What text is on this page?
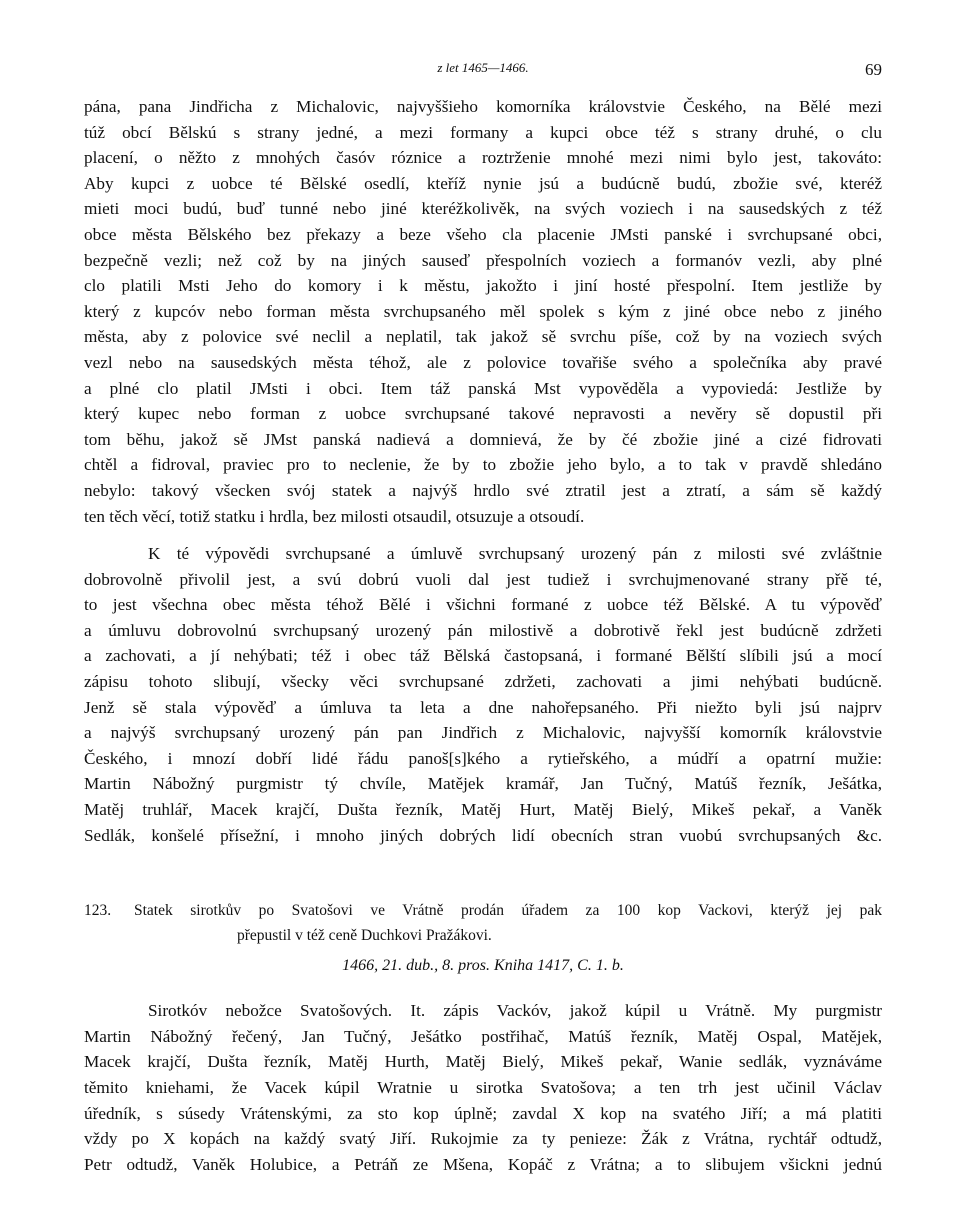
z let 1465—1466.	69

pána, pana Jindřicha z Michalovic, najvyššieho komorníka královstvie Českého, na Bělé mezi

túž obcí Bělskú s strany jedné, a mezi formany a kupci obce též s strany druhé, o clu

placení, o něžto z mnohých časóv róznice a roztrženie mnohé mezi nimi bylo jest, takováto:

Aby kupci z uobce té Bělské osedlí, kteříž nynie jsú a budúcně budú, zbožie své, kteréž

mieti moci budú, buď tunné nebo jiné kteréžkolivěk, na svých voziech i na sausedských z též

obce města Bělského bez překazy a beze všeho cla placenie JMsti panské i svrchupsané obci,

bezpečně vezli; než což by na jiných sauseď přespolních voziech a formanóv vezli, aby plné

clo platili Msti Jeho do komory i k městu, jakožto i jiní hosté přespolní. Item jestliže by

který z kupcóv nebo forman města svrchupsaného měl spolek s kým z jiné obce nebo z jiného

města, aby z polovice své neclil a neplatil, tak jakož sě svrchu píše, což by na voziech svých

vezl nebo na sausedských města téhož, ale z polovice tovařiše svého a společníka aby pravé

a plné clo platil JMsti i obci. Item táž panská Mst vypověděla a vypoviedá: Jestliže by

který kupec nebo forman z uobce svrchupsané takové nepravosti a nevěry sě dopustil při

tom běhu, jakož sě JMst panská nadievá a domnievá, že by čé zbožie jiné a cizé fidrovati

chtěl a fidroval, praviec pro to neclenie, že by to zbožie jeho bylo, a to tak v pravdě shledáno

nebylo: takový všecken svój statek a najvýš hrdlo své ztratil jest a ztratí, a sám sě každý

ten těch věcí, totiž statku i hrdla, bez milosti otsaudil, otsuzuje a otsoudí.

K té výpovědi svrchupsané a úmluvě svrchupsaný urozený pán z milosti své zvláštnie

dobrovolně přivolil jest, a svú dobrú vuoli dal jest tudiež i svrchujmenované strany přě té,

to jest všechna obec města téhož Bělé i všichni formané z uobce též Bělské. A tu výpověď

a úmluvu dobrovolnú svrchupsaný urozený pán milostivě a dobrotivě řekl jest budúcně zdržeti

a zachovati, a jí nehýbati; též i obec táž Bělská častopsaná, i formané Bělští slíbili jsú a mocí

zápisu tohoto slibují, všecky věci svrchupsané zdržeti, zachovati a jimi nehýbati budúcně.

Jenž sě stala výpověď a úmluva ta leta a dne nahořepsaného. Při niežto byli jsú najprv

a najvýš svrchupsaný urozený pán pan Jindřich z Michalovic, najvyšší komorník královstvie

Českého, i mnozí dobří lidé řádu panoš[s]kého a rytieřského, a múdří a opatrní mužie:

Martin Nábožný purgmistr tý chvíle, Matějek kramář, Jan Tučný, Matúš řezník, Ješátka,

Matěj truhlář, Macek krajčí, Dušta řezník, Matěj Hurt, Matěj Bielý, Mikeš pekař, a Vaněk

Sedlák, konšelé přísežní, i mnoho jiných dobrých lidí obecních stran vuobú svrchupsaných &c.

123.	Statek sirotkův po Svatošovi ve Vrátně prodán úřadem za 100 kop Vackovi, kterýž jej pak
přepustil v též ceně Duchkovi Pražákovi.
1466, 21. dub., 8. pros. Kniha 1417, C. 1. b.

Sirotkóv nebožce Svatošových. It. zápis Vackóv, jakož kúpil u Vrátně. My purgmistr

Martin Nábožný řečený, Jan Tučný, Ješátko postřihač, Matúš řezník, Matěj Ospal, Matějek,

Macek krajčí, Dušta řezník, Matěj Hurth, Matěj Bielý, Mikeš pekař, Wanie sedlák, vyznáváme

těmito kniehami, že Vacek kúpil Wratnie u sirotka Svatošova; a ten trh jest učinil Václav

úředník, s súsedy Vrátenskými, za sto kop úplně; zavdal X kop na svatého Jiří; a má platiti

vždy po X kopách na každý svatý Jiří. Rukojmie za ty penieze: Žák z Vrátna, rychtář odtudž,

Petr odtudž, Vaněk Holubice, a Petráň ze Mšena, Kopáč z Vrátna; a to slibujem všickni jednú
